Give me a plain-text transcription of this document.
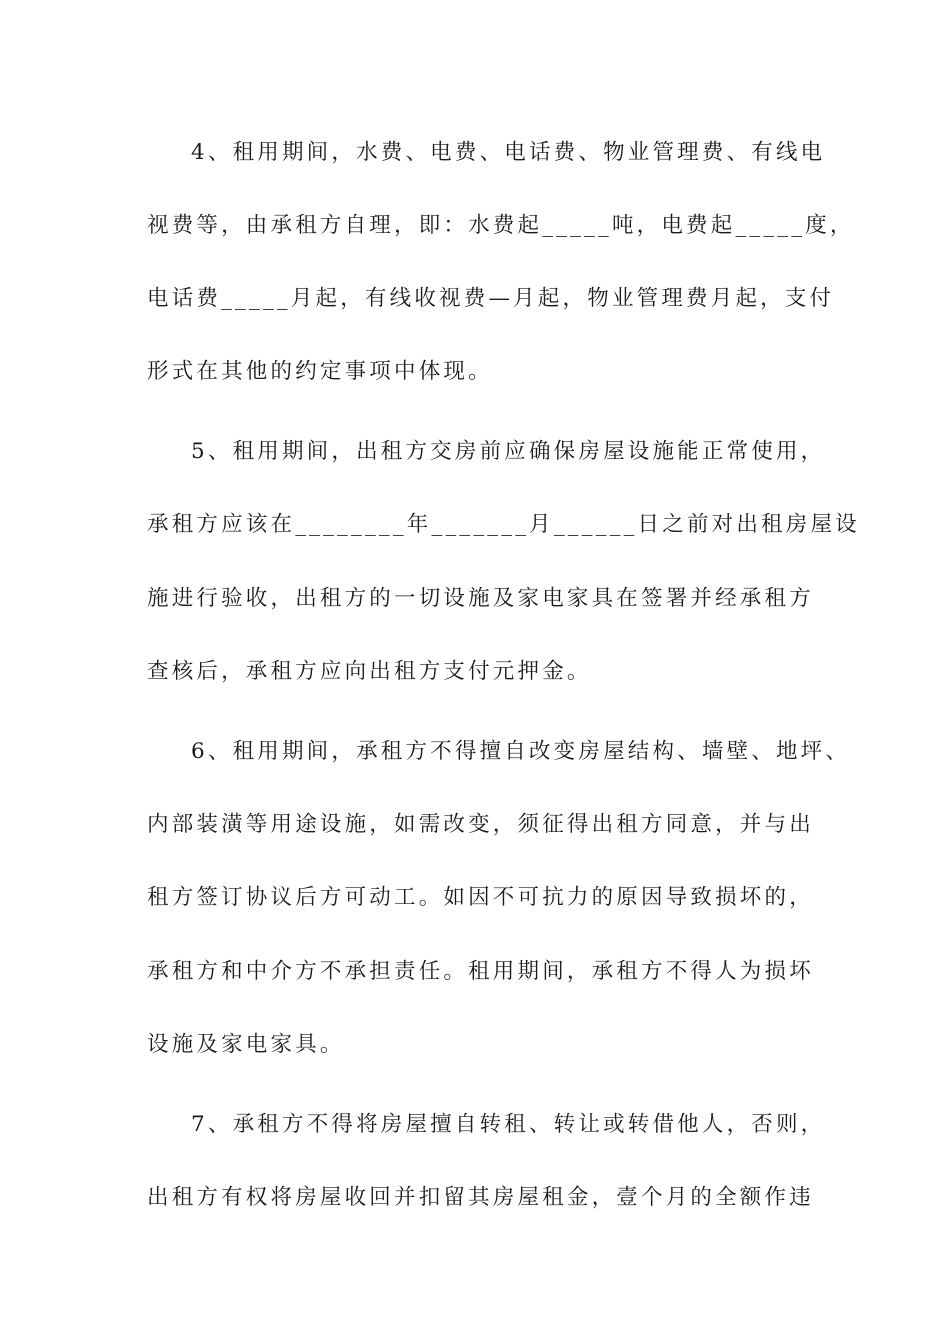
4、租用期间，水费、电费、电话费、物业管理费、有线电
视费等，由承租方自理，即：水费起_____吨，电费起_____度，
电话费_____月起，有线收视费—月起，物业管理费月起，支付
形式在其他的约定事项中体现。
5、租用期间，出租方交房前应确保房屋设施能正常使用，
承租方应该在________年_______月______日之前对出租房屋设
施进行验收，出租方的一切设施及家电家具在签署并经承租方
查核后，承租方应向出租方支付元押金。
6、租用期间，承租方不得擅自改变房屋结构、墙壁、地坪、
内部装潢等用途设施，如需改变，须征得出租方同意，并与出
租方签订协议后方可动工。如因不可抗力的原因导致损坏的，
承租方和中介方不承担责任。租用期间，承租方不得人为损坏
设施及家电家具。
7、承租方不得将房屋擅自转租、转让或转借他人，否则，
出租方有权将房屋收回并扣留其房屋租金，壹个月的全额作违
